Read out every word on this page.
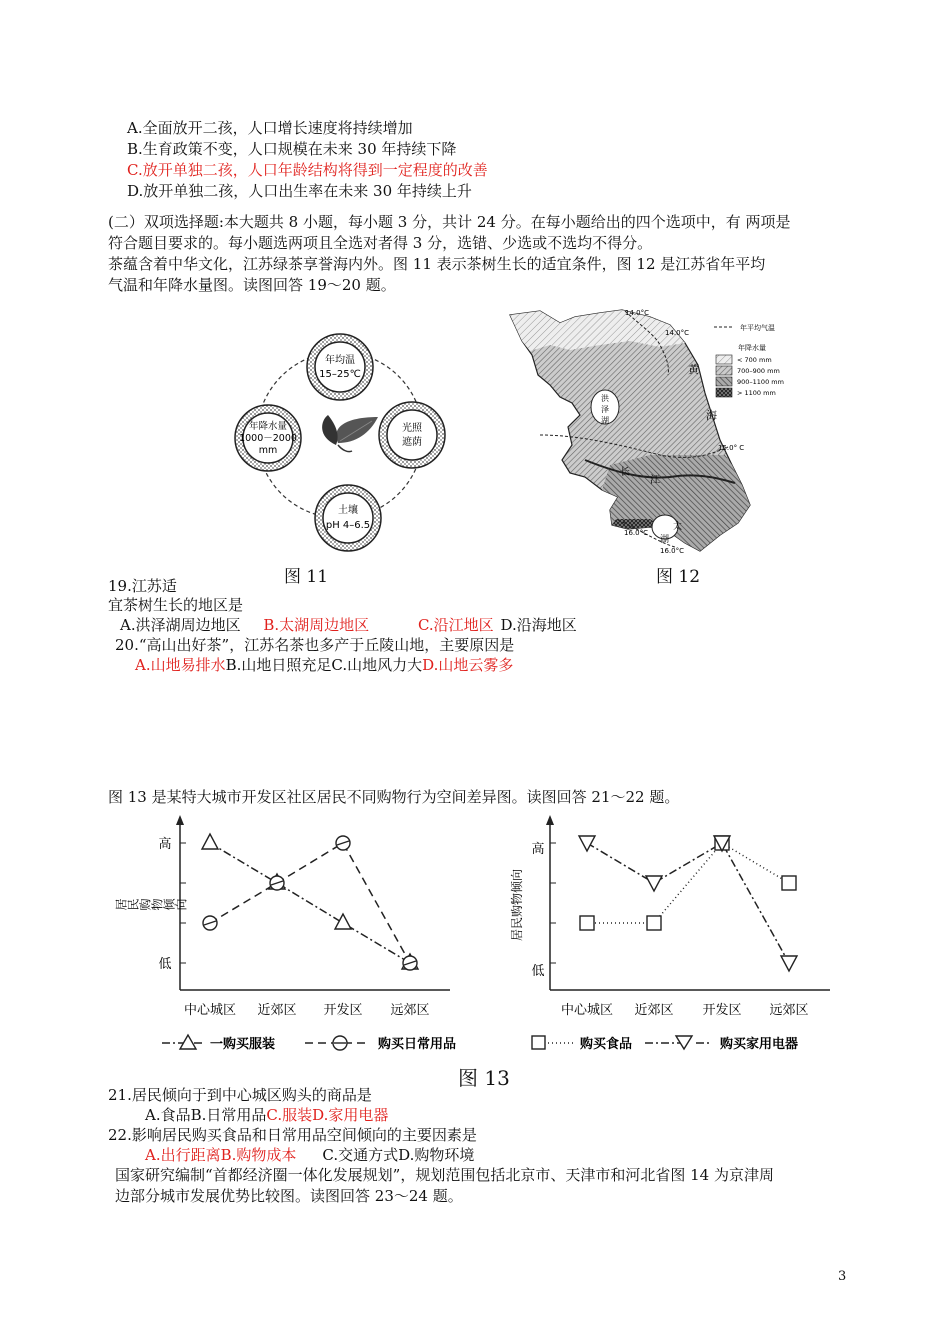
A.全面放开二孩，人口增长速度将持续增加
B.生育政策不变，人口规模在未来 30 年持续下降
C.放开单独二孩，人口年龄结构将得到一定程度的改善
D.放开单独二孩，人口出生率在未来 30 年持续上升
(二）双项选择题:本大题共 8 小题，每小题 3 分，共计 24 分。在每小题给出的四个选项中，有 两项是
符合题目要求的。每小题选两项且全选对者得 3 分，选错、少选或不选均不得分。
茶蕴含着中华文化，江苏绿茶享誉海内外。图 11 表示茶树生长的适宜条件，图 12 是江苏省年平均
气温和年降水量图。读图回答 19～20 题。
年均温
15–25℃
年降水量
1000－2000
mm
光照
遮荫
土壤
pH 4–6.5
图 11
14.0°C
14.0°C
15.0° C
16.0°C
16.0°C
黄
海
洪
泽
湖
长
江
太
湖
年平均气温
年降水量
< 700 mm
700–900 mm
900–1100 mm
> 1100 mm
图 12
19.江苏适
宜茶树生长的地区是
A.洪泽湖周边地区 B.太湖周边地区	C.沿江地区 D.沿海地区
20.“高山出好茶”，江苏名茶也多产于丘陵山地，主要原因是
A.山地易排水B.山地日照充足C.山地风力大D.山地云雾多
图 13 是某特大城市开发区社区居民不同购物行为空间差异图。读图回答 21～22 题。
高
低
居民购物倾向
中心城区 近郊区 开发区 远郊区
高
低
居民购物倾向
中心城区 近郊区 开发区 远郊区
一购买服装	购买日常用品	购买食品	购买家用电器
图 13
21.居民倾向于到中心城区购头的商品是
A.食品B.日常用品C.服装D.家用电器
22.影响居民购买食品和日常用品空间倾向的主要因素是
A.出行距离B.购物成本 C.交通方式D.购物环境
国家研究编制“首都经济圈一体化发展规划”，规划范围包括北京市、天津市和河北省图 14 为京津周
边部分城市发展优势比较图。读图回答 23〜24 题。
3
